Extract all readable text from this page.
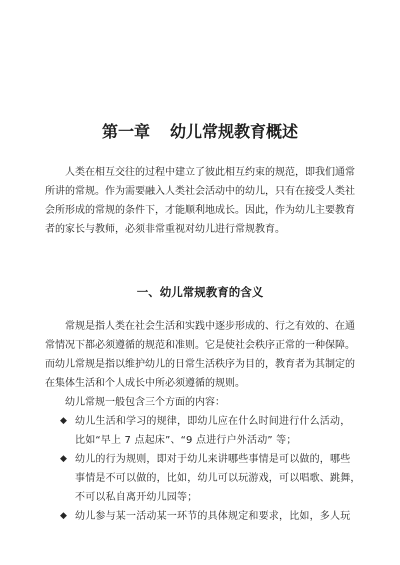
第一章 幼儿常规教育概述
人类在相互交往的过程中建立了彼此相互约束的规范，即我们通常
所讲的常规。作为需要融入人类社会活动中的幼儿，只有在接受人类社
会所形成的常规的条件下，才能顺利地成长。因此，作为幼儿主要教育
者的家长与教师，必须非常重视对幼儿进行常规教育。
一、幼儿常规教育的含义
常规是指人类在社会生活和实践中逐步形成的、行之有效的、在通
常情况下都必须遵循的规范和准则。它是使社会秩序正常的一种保障。
而幼儿常规是指以维护幼儿的日常生活秩序为目的，教育者为其制定的
在集体生活和个人成长中所必须遵循的规则。
幼儿常规一般包含三个方面的内容：
◆ 幼儿生活和学习的规律，即幼儿应在什么时间进行什么活动，
比如“早上 7 点起床”、“9 点进行户外活动” 等；
◆ 幼儿的行为规则，即对于幼儿来讲哪些事情是可以做的，哪些
事情是不可以做的，比如，幼儿可以玩游戏，可以唱歌、跳舞，
不可以私自离开幼儿园等；
◆ 幼儿参与某一活动某一环节的具体规定和要求，比如，多人玩
